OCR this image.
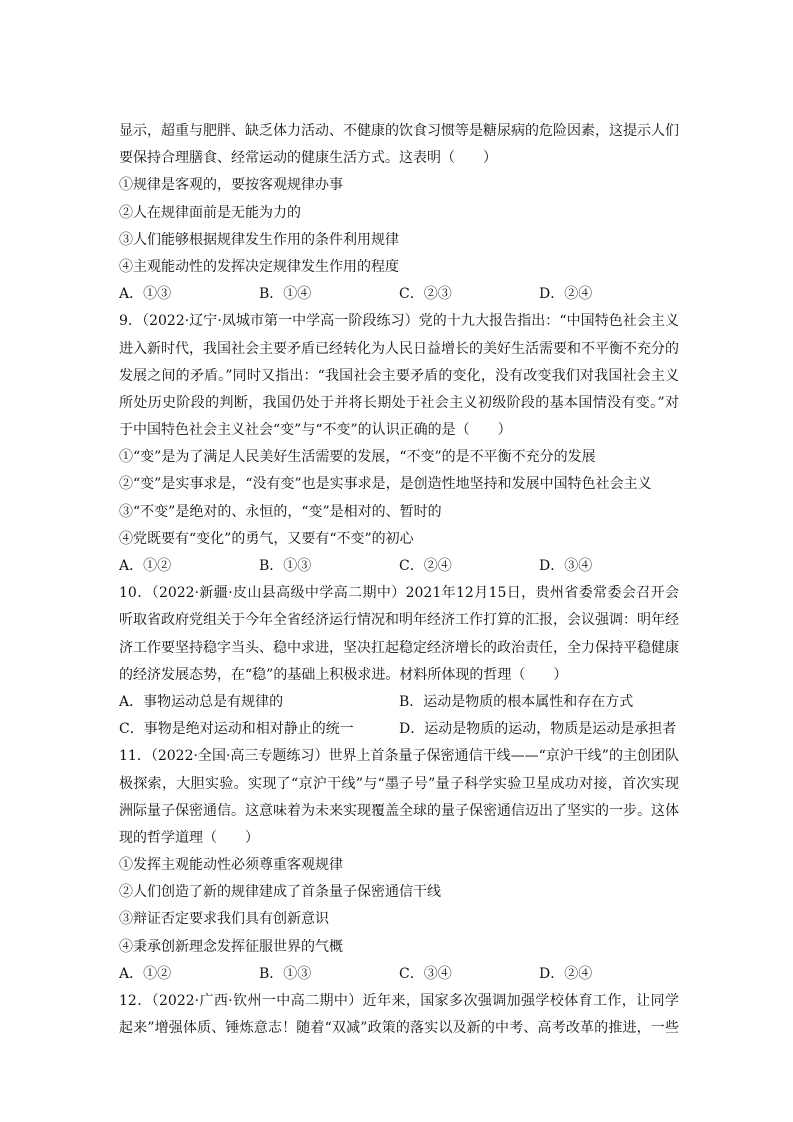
显示，超重与肥胖、缺乏体力活动、不健康的饮食习惯等是糖尿病的危险因素，这提示人们
要保持合理膳食、经常运动的健康生活方式。这表明（　　）
①规律是客观的，要按客观规律办事
②人在规律面前是无能为力的
③人们能够根据规律发生作用的条件利用规律
④主观能动性的发挥决定规律发生作用的程度
A．①③	B．①④	C．②③	D．②④
9．（2022·辽宁·凤城市第一中学高一阶段练习）党的十九大报告指出：“中国特色社会主义
进入新时代，我国社会主要矛盾已经转化为人民日益增长的美好生活需要和不平衡不充分的
发展之间的矛盾。”同时又指出：“我国社会主要矛盾的变化，没有改变我们对我国社会主义
所处历史阶段的判断，我国仍处于并将长期处于社会主义初级阶段的基本国情没有变。”对
于中国特色社会主义社会“变”与“不变”的认识正确的是（　　）
①“变”是为了满足人民美好生活需要的发展，“不变”的是不平衡不充分的发展
②“变”是实事求是，“没有变”也是实事求是，是创造性地坚持和发展中国特色社会主义
③“不变”是绝对的、永恒的，“变”是相对的、暂时的
④党既要有“变化”的勇气，又要有“不变”的初心
A．①②	B．①③	C．②④	D．③④
10．（2022·新疆·皮山县高级中学高二期中）2021年12月15日，贵州省委常委会召开会
听取省政府党组关于今年全省经济运行情况和明年经济工作打算的汇报，会议强调：明年经
济工作要坚持稳字当头、稳中求进，坚决扛起稳定经济增长的政治责任，全力保持平稳健康
的经济发展态势，在“稳”的基础上积极求进。材料所体现的哲理（　　）
A．事物运动总是有规律的	B．运动是物质的根本属性和存在方式
C．事物是绝对运动和相对静止的统一	D．运动是物质的运动，物质是运动是承担者
11．（2022·全国·高三专题练习）世界上首条量子保密通信干线——“京沪干线”的主创团队
极探索，大胆实验。实现了“京沪干线”与“墨子号”量子科学实验卫星成功对接，首次实现
洲际量子保密通信。这意味着为未来实现覆盖全球的量子保密通信迈出了坚实的一步。这体
现的哲学道理（　　）
①发挥主观能动性必须尊重客观规律
②人们创造了新的规律建成了首条量子保密通信干线
③辩证否定要求我们具有创新意识
④秉承创新理念发挥征服世界的气概
A．①②	B．①③	C．③④	D．②④
12．（2022·广西·钦州一中高二期中）近年来，国家多次强调加强学校体育工作，让同学
起来”增强体质、锤炼意志！随着“双减”政策的落实以及新的中考、高考改革的推进，一些
